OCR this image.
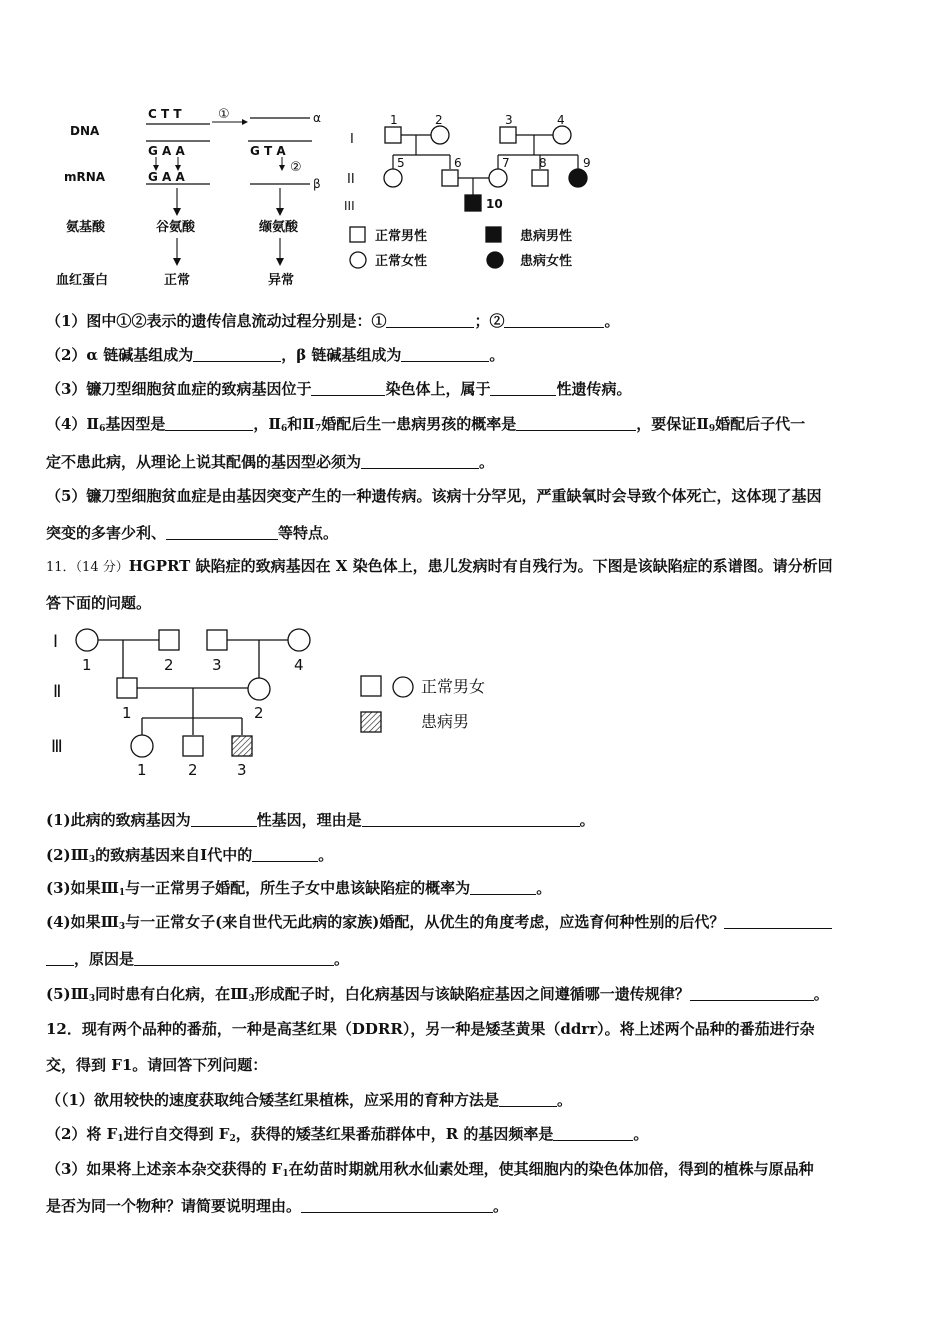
DNA
mRNA
氨基酸
血红蛋白
C T T
G A A
G A A
谷氨酸
正常
①	α
G T A
②
β
缬氨酸
异常
I
II
III
1	2	3	4
5	6	7 8	9
10
正常男性	患病男性
正常女性	患病女性
（1）图中①②表示的遗传信息流动过程分别是：①	；②	。
（2）α 链碱基组成为	，β 链碱基组成为	。
（3）镰刀型细胞贫血症的致病基因位于	染色体上，属于	性遗传病。
$(4)Ⅱ_6$基因型是	，$Ⅱ_6$和$Ⅱ_7$婚配后生一患病男孩的概率是	，要保证$Ⅱ_9$婚配后子代一
定不患此病，从理论上说其配偶的基因型必须为	。
（5）镰刀型细胞贫血症是由基因突变产生的一种遗传病。该病十分罕见，严重缺氧时会导致个体死亡，这体现了基因
突变的多害少利、	等特点。
11．（14 分）HGPRT 缺陷症的致病基因在 X 染色体上，患儿发病时有自残行为。下图是该缺陷症的系谱图。请分析回
答下面的问题。
Ⅰ
Ⅱ
Ⅲ
1	2	3	4
1	2
1	2	3
正常男女
患病男
(1)此病的致病基因为	性基因，理由是	。
$(2)Ⅲ_3$的致病基因来自Ⅰ代中的	。
(3)如果$Ⅲ_1$与一正常男子婚配，所生子女中患该缺陷症的概率为	。
(4)如果$Ⅲ_3$与一正常女子(来自世代无此病的家族)婚配，从优生的角度考虑，应选育何种性别的后代？
，原因是	。
$(5)Ⅲ_3$同时患有白化病，在$Ⅲ_3$形成配子时，白化病基因与该缺陷症基因之间遵循哪一遗传规律？	。
12．现有两个品种的番茄，一种是高茎红果（DDRR），另一种是矮茎黄果（ddrr）。将上述两个品种的番茄进行杂
交，得到 F1。请回答下列问题：
（（1）欲用较快的速度获取纯合矮茎红果植株，应采用的育种方法是	。
（2）将 $F_1$进行自交得到 $F_2$，获得的矮茎红果番茄群体中，R 的基因频率是	。
（3）如果将上述亲本杂交获得的 $F_1$在幼苗时期就用秋水仙素处理，使其细胞内的染色体加倍，得到的植株与原品种
是否为同一个物种？请简要说明理由。	。
